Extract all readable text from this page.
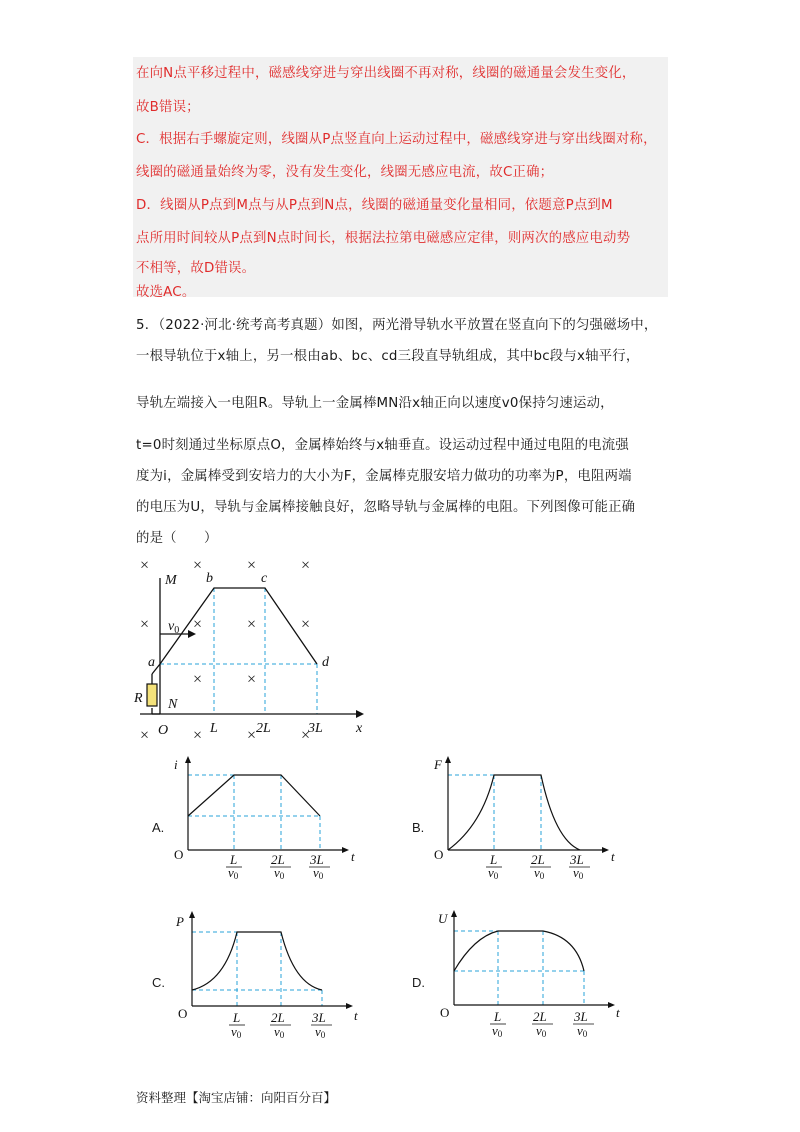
在向N点平移过程中，磁感线穿进与穿出线圈不再对称，线圈的磁通量会发生变化，
故B错误；
C．根据右手螺旋定则，线圈从P点竖直向上运动过程中，磁感线穿进与穿出线圈对称，
线圈的磁通量始终为零，没有发生变化，线圈无感应电流，故C正确；
D．线圈从P点到M点与从P点到N点，线圈的磁通量变化量相同，依题意P点到M
点所用时间较从P点到N点时间长，根据法拉第电磁感应定律，则两次的感应电动势
不相等，故D错误。
故选AC。
5．（2022·河北·统考高考真题）如图，两光滑导轨水平放置在竖直向下的匀强磁场中，
一根导轨位于x轴上，另一根由ab、bc、cd三段直导轨组成，其中bc段与x轴平行，
导轨左端接入一电阻R。导轨上一金属棒MN沿x轴正向以速度v0保持匀速运动，
t=0时刻通过坐标原点O，金属棒始终与x轴垂直。设运动过程中通过电阻的电流强
度为i，金属棒受到安培力的大小为F，金属棒克服安培力做功的功率为P，电阻两端
的电压为U，导轨与金属棒接触良好，忽略导轨与金属棒的电阻。下列图像可能正确
的是（　　）
×	×	×	×
×	×	×	×
×	×
×	×	×	×
M b	c
d
a
R N
O
$v_0$
L	2L	3L x
A.
i
O	t
L	2L 3L
v0	v0 v0
B.
F
O	t
L	2L 3L
v0	v0 v0
C.
P
O	t
L 2L 3L
v0	v0 v0
D.
U
O	t
L 2L 3L
v0	v0 v0
资料整理【淘宝店铺：向阳百分百】
